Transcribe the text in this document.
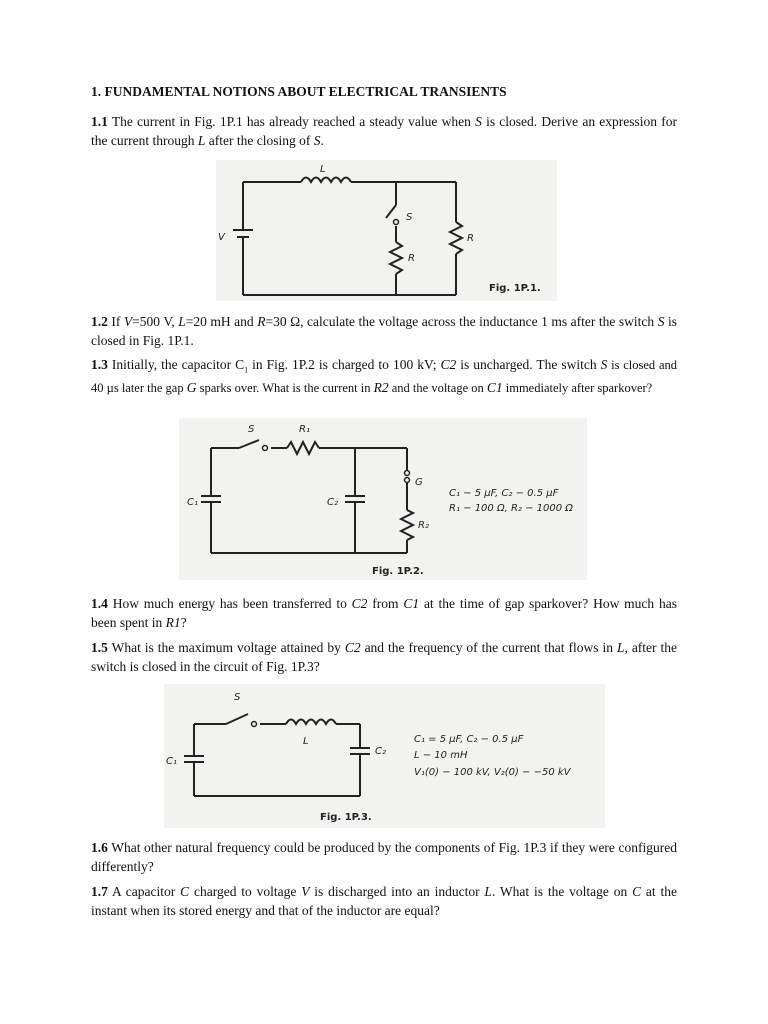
1. FUNDAMENTAL NOTIONS ABOUT ELECTRICAL TRANSIENTS

1.1 The current in Fig. 1P.1 has already reached a steady value when S is closed. Derive an expression for the current through L after the closing of S.

L
V
S
R
R
Fig. 1P.1.

1.2 If V=500 V, L=20 mH and R=30 Ω, calculate the voltage across the inductance 1 ms after the switch S is closed in Fig. 1P.1.

1.3 Initially, the capacitor $C_1$ in Fig. 1P.2 is charged to 100 kV; C2 is uncharged. The switch S is closed and 40 µs later the gap G sparks over. What is the current in R2 and the voltage on C1 immediately after sparkover?

S	R₁
C₁	C₂
G
R₂
C₁ − 5 µF, C₂ − 0.5 µF
R₁ − 100 Ω, R₂ − 1000 Ω
Fig. 1P.2.

1.4 How much energy has been transferred to C2 from C1 at the time of gap sparkover? How much has been spent in R1?

1.5 What is the maximum voltage attained by C2 and the frequency of the current that flows in L, after the switch is closed in the circuit of Fig. 1P.3?

S
L
C₁
C₂
C₁ = 5 µF, C₂ − 0.5 µF
L − 10 mH
V₁(0) − 100 kV, V₂(0) − −50 kV
Fig. 1P.3.

1.6 What other natural frequency could be produced by the components of Fig. 1P.3 if they were configured differently?

1.7 A capacitor C charged to voltage V is discharged into an inductor L. What is the voltage on C at the instant when its stored energy and that of the inductor are equal?
